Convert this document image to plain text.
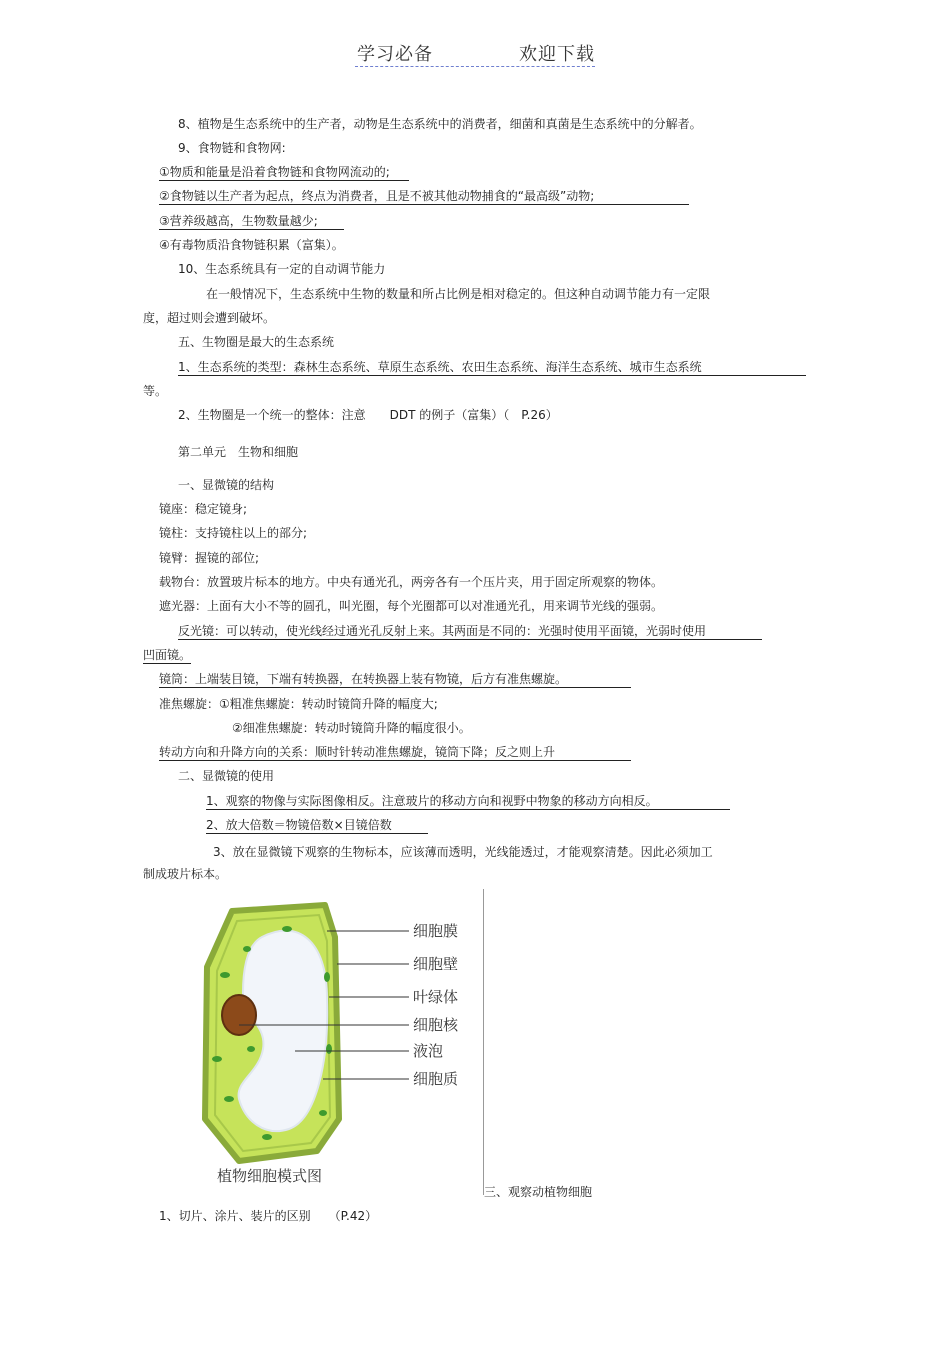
学习必备	欢迎下载
8、植物是生态系统中的生产者，动物是生态系统中的消费者，细菌和真菌是生态系统中的分解者。
9、食物链和食物网:
①物质和能量是沿着食物链和食物网流动的;
②食物链以生产者为起点，终点为消费者，且是不被其他动物捕食的“最高级”动物;
③营养级越高，生物数量越少;
④有毒物质沿食物链积累（富集）。
10、生态系统具有一定的自动调节能力
在一般情况下，生态系统中生物的数量和所占比例是相对稳定的。但这种自动调节能力有一定限
度，超过则会遭到破坏。
五、生物圈是最大的生态系统
1、生态系统的类型：森林生态系统、草原生态系统、农田生态系统、海洋生态系统、城市生态系统
等。
2、生物圈是一个统一的整体：注意　　DDT 的例子（富集）（　P.26）
第二单元　生物和细胞
一、显微镜的结构
镜座：稳定镜身;
镜柱：支持镜柱以上的部分;
镜臂：握镜的部位;
载物台：放置玻片标本的地方。中央有通光孔，两旁各有一个压片夹，用于固定所观察的物体。
遮光器：上面有大小不等的圆孔，叫光圈，每个光圈都可以对准通光孔，用来调节光线的强弱。
反光镜：可以转动，使光线经过通光孔反射上来。其两面是不同的：光强时使用平面镜，光弱时使用
凹面镜。
镜筒：上端装目镜，下端有转换器，在转换器上装有物镜，后方有准焦螺旋。
准焦螺旋：①粗准焦螺旋：转动时镜筒升降的幅度大;
②细准焦螺旋：转动时镜筒升降的幅度很小。
转动方向和升降方向的关系：顺时针转动准焦螺旋，镜筒下降；反之则上升
二、显微镜的使用
1、观察的物像与实际图像相反。注意玻片的移动方向和视野中物象的移动方向相反。
2、放大倍数＝物镜倍数×目镜倍数
3、放在显微镜下观察的生物标本，应该薄而透明，光线能透过，才能观察清楚。因此必须加工
制成玻片标本。
细胞膜
细胞壁
叶绿体
细胞核
液泡
细胞质
植物细胞模式图
三、观察动植物细胞
1、切片、涂片、装片的区别　　（P.42）
